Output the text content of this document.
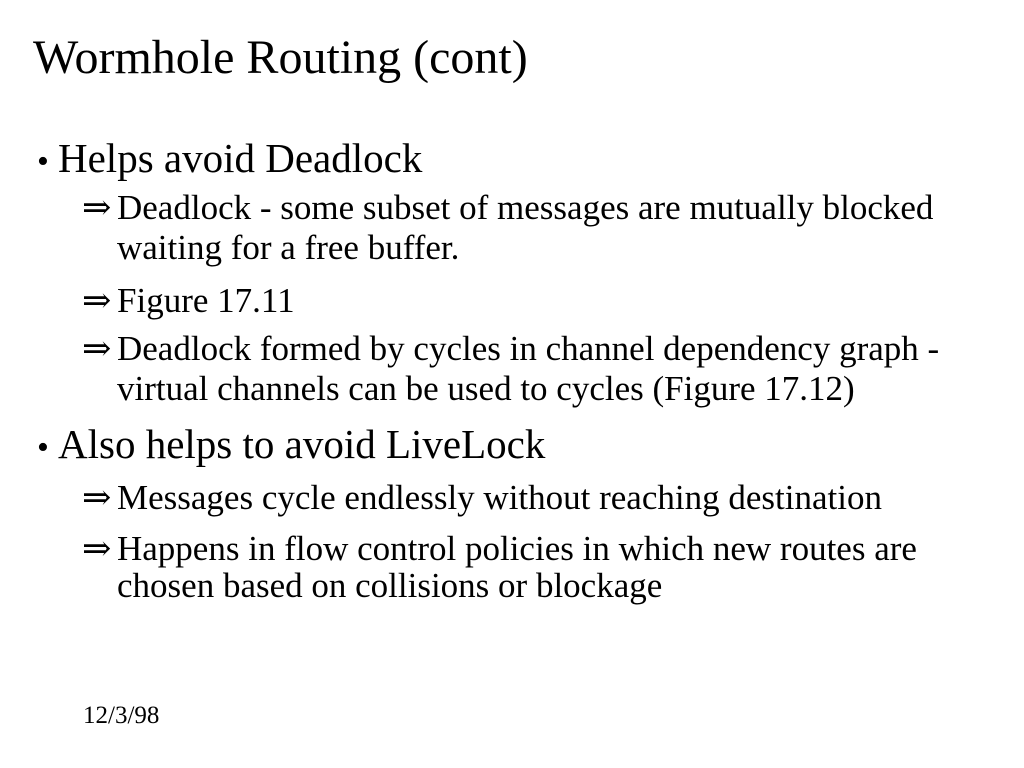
Wormhole Routing (cont)
• Helps avoid Deadlock
⇒ Deadlock - some subset of messages are mutually blocked
waiting for a free buffer.
⇒ Figure 17.11
⇒ Deadlock formed by cycles in channel dependency graph -
virtual channels can be used to cycles (Figure 17.12)
• Also helps to avoid LiveLock
⇒ Messages cycle endlessly without reaching destination
⇒ Happens in flow control policies in which new routes are
chosen based on collisions or blockage
12/3/98
